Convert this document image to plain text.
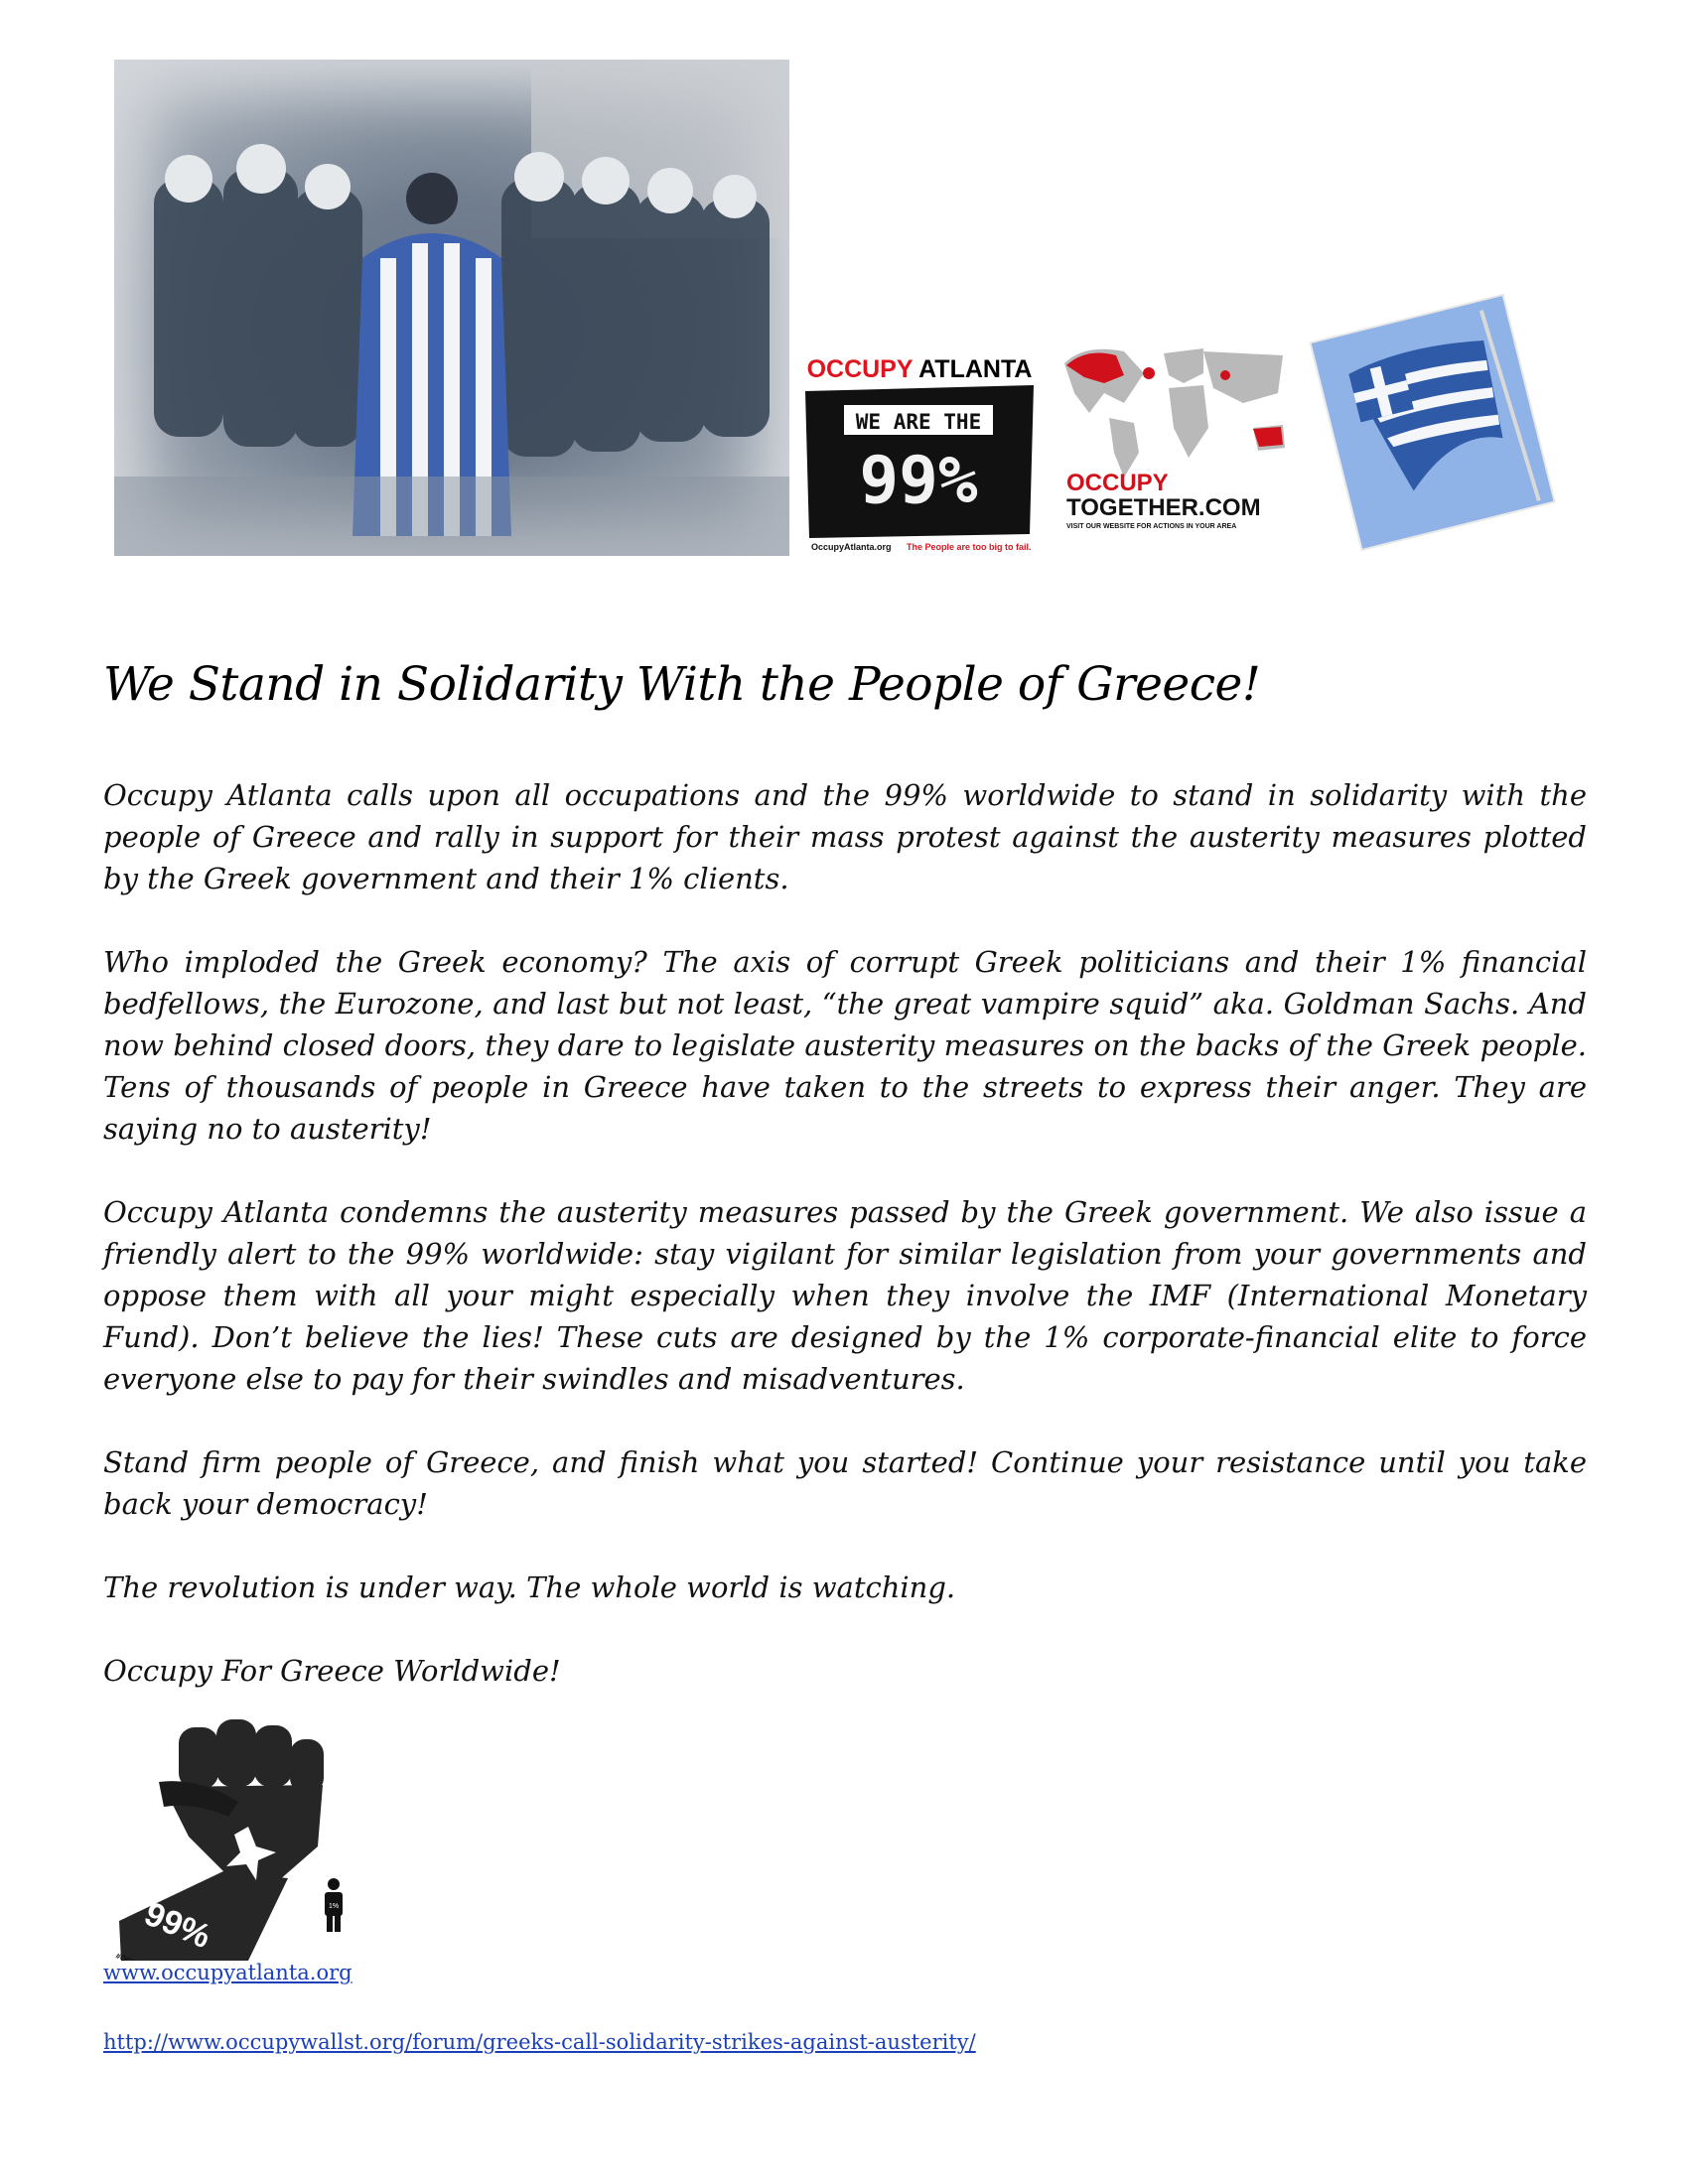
OCCUPY ATLANTA
WE ARE THE
99%
OccupyAtlanta.org The People are too big to fail.
OCCUPY
TOGETHER.COM
VISIT OUR WEBSITE FOR ACTIONS IN YOUR AREA
We Stand in Solidarity With the People of Greece!

Occupy Atlanta calls upon all occupations and the 99% worldwide to stand in solidarity with the people of Greece and rally in support for their mass protest against the austerity measures plotted by the Greek government and their 1% clients.

Who imploded the Greek economy? The axis of corrupt Greek politicians and their 1% financial bedfellows, the Eurozone, and last but not least, “the great vampire squid” aka. Goldman Sachs. And now behind closed doors, they dare to legislate austerity measures on the backs of the Greek people. Tens of thousands of people in Greece have taken to the streets to express their anger. They are saying no to austerity!

Occupy Atlanta condemns the austerity measures passed by the Greek government. We also issue a friendly alert to the 99% worldwide: stay vigilant for similar legislation from your governments and oppose them with all your might especially when they involve the IMF (International Monetary Fund). Don’t believe the lies! These cuts are designed by the 1% corporate-financial elite to force everyone else to pay for their swindles and misadventures.

Stand firm people of Greece, and finish what you started! Continue your resistance until you take back your democracy!

The revolution is under way. The whole world is watching.

Occupy For Greece Worldwide!

99%	1%
www.occupyatlanta.org
http://www.occupywallst.org/forum/greeks-call-solidarity-strikes-against-austerity/
